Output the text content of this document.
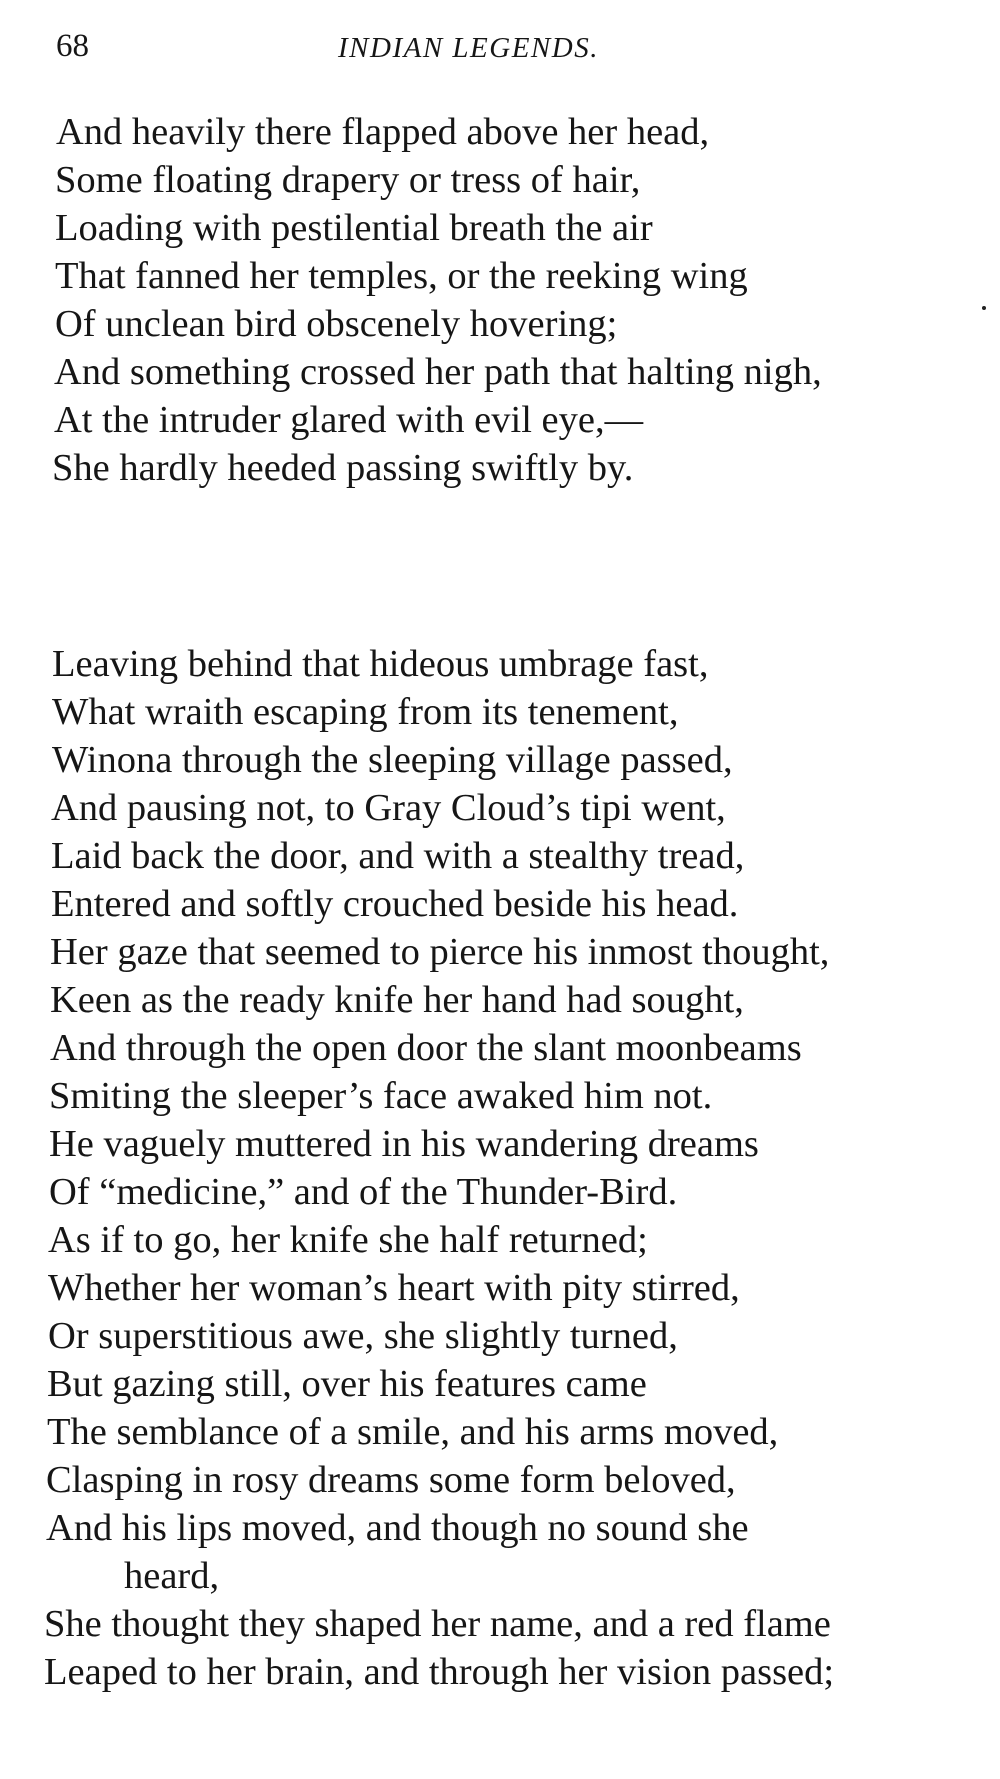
68	INDIAN LEGENDS.
And heavily there flapped above her head,
Some floating drapery or tress of hair,
Loading with pestilential breath the air
That fanned her temples, or the reeking wing
Of unclean bird obscenely hovering;
And something crossed her path that halting nigh,
At the intruder glared with evil eye,—
She hardly heeded passing swiftly by.
Leaving behind that hideous umbrage fast,
What wraith escaping from its tenement,
Winona through the sleeping village passed,
And pausing not, to Gray Cloud’s tipi went,
Laid back the door, and with a stealthy tread,
Entered and softly crouched beside his head.
Her gaze that seemed to pierce his inmost thought,
Keen as the ready knife her hand had sought,
And through the open door the slant moonbeams
Smiting the sleeper’s face awaked him not.
He vaguely muttered in his wandering dreams
Of “medicine,” and of the Thunder-Bird.
As if to go, her knife she half returned;
Whether her woman’s heart with pity stirred,
Or superstitious awe, she slightly turned,
But gazing still, over his features came
The semblance of a smile, and his arms moved,
Clasping in rosy dreams some form beloved,
And his lips moved, and though no sound she
heard,
She thought they shaped her name, and a red flame
Leaped to her brain, and through her vision passed;
